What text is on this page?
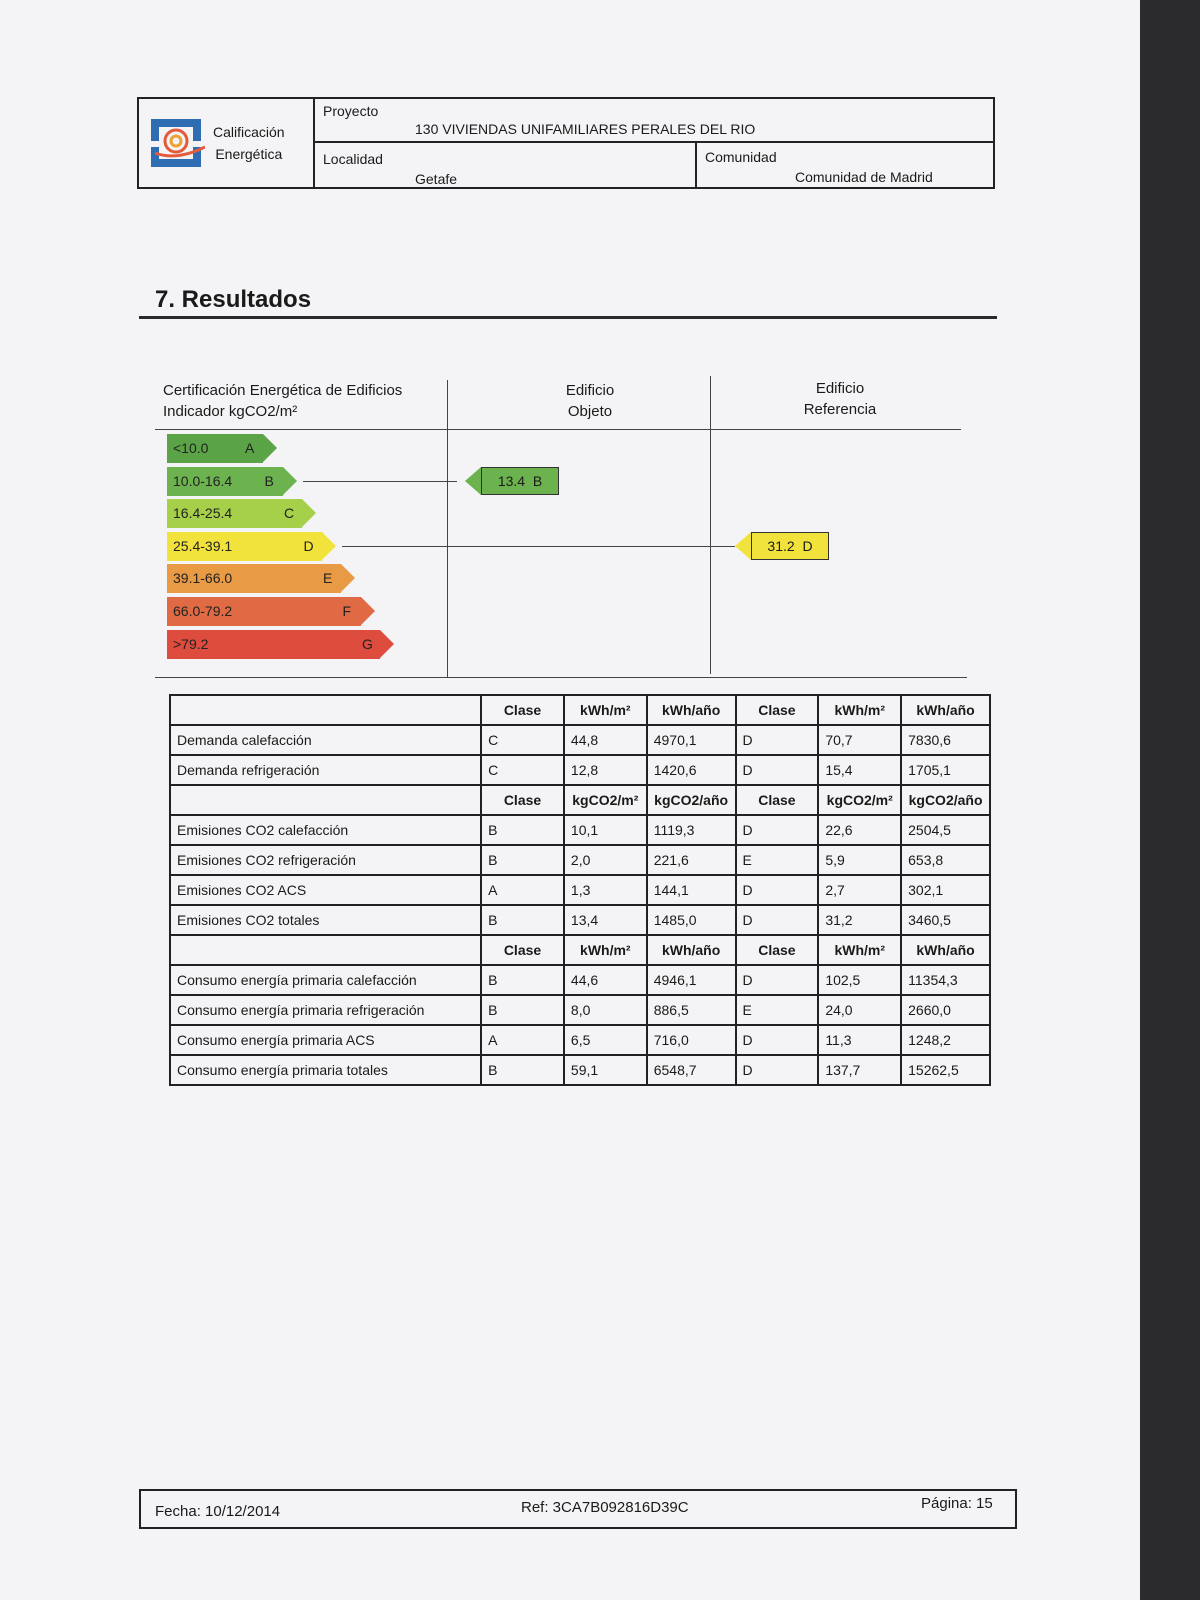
Calificación
Energética
Proyecto
130 VIVIENDAS UNIFAMILIARES PERALES DEL RIO
Localidad
Getafe
Comunidad
Comunidad de Madrid
7. Resultados
Certificación Energética de Edificios
Indicador kgCO2/m²
Edificio
Objeto
Edificio
Referencia
<10.0	A
10.0-16.4	B
16.4-25.4	C
25.4-39.1	D
39.1-66.0	E
66.0-79.2	F
>79.2	G
13.4 B
31.2 D
	Clase	kWh/m²	kWh/año	Clase	kWh/m²	kWh/año
Demanda calefacción	C	44,8	4970,1	D	70,7	7830,6
Demanda refrigeración	C	12,8	1420,6	D	15,4	1705,1
	Clase	kgCO2/m²	kgCO2/año	Clase	kgCO2/m²	kgCO2/año
Emisiones CO2 calefacción	B	10,1	1119,3	D	22,6	2504,5
Emisiones CO2 refrigeración	B	2,0	221,6	E	5,9	653,8
Emisiones CO2 ACS	A	1,3	144,1	D	2,7	302,1
Emisiones CO2 totales	B	13,4	1485,0	D	31,2	3460,5
	Clase	kWh/m²	kWh/año	Clase	kWh/m²	kWh/año
Consumo energía primaria calefacción	B	44,6	4946,1	D	102,5	11354,3
Consumo energía primaria refrigeración	B	8,0	886,5	E	24,0	2660,0
Consumo energía primaria ACS	A	6,5	716,0	D	11,3	1248,2
Consumo energía primaria totales	B	59,1	6548,7	D	137,7	15262,5
Fecha: 10/12/2014	Ref: 3CA7B092816D39C	Página: 15
